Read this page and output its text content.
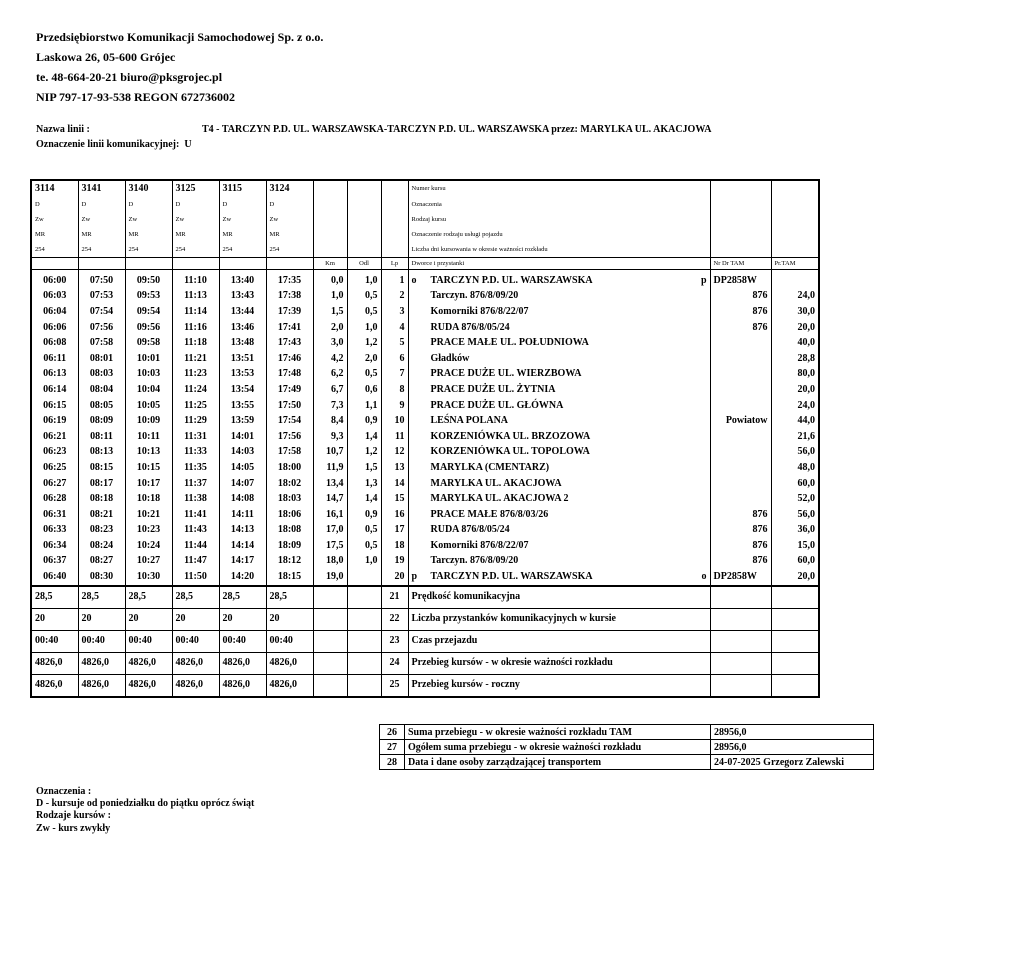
Przedsiębiorstwo Komunikacji Samochodowej Sp. z o.o.
Laskowa 26, 05-600 Grójec
te. 48-664-20-21 biuro@pksgrojec.pl
NIP 797-17-93-538 REGON 672736002
Nazwa linii :	T4 - TARCZYN P.D. UL. WARSZAWSKA-TARCZYN P.D. UL. WARSZAWSKA przez: MARYLKA UL. AKACJOWA
Oznaczenie linii komunikacyjnej: U
3114	3141	3140	3125	3115	3124				Numer kursu		
D	D	D	D	D	D				Oznaczenia		
Zw	Zw	Zw	Zw	Zw	Zw				Rodzaj kursu		
MR	MR	MR	MR	MR	MR				Oznaczenie rodzaju usługi pojazdu		
254	254	254	254	254	254				Liczba dni kursowania w okresie ważności rozkładu		
						Km	Odl	Lp	Dworce i przystanki	Nr Dr TAM	Pr.TAM

06:00	07:50	09:50	11:10	13:40	17:35	0,0	1,0	1	o TARCZYN P.D. UL. WARSZAWSKA p	DP2858W	
06:03	07:53	09:53	11:13	13:43	17:38	1,0	0,5	2	Tarczyn. 876/8/09/20	876	24,0
06:04	07:54	09:54	11:14	13:44	17:39	1,5	0,5	3	Komorniki 876/8/22/07	876	30,0
06:06	07:56	09:56	11:16	13:46	17:41	2,0	1,0	4	RUDA 876/8/05/24	876	20,0
06:08	07:58	09:58	11:18	13:48	17:43	3,0	1,2	5	PRACE MAŁE UL. POŁUDNIOWA		40,0
06:11	08:01	10:01	11:21	13:51	17:46	4,2	2,0	6	Gładków		28,8
06:13	08:03	10:03	11:23	13:53	17:48	6,2	0,5	7	PRACE DUŻE UL. WIERZBOWA		80,0
06:14	08:04	10:04	11:24	13:54	17:49	6,7	0,6	8	PRACE DUŻE UL. ŻYTNIA		20,0
06:15	08:05	10:05	11:25	13:55	17:50	7,3	1,1	9	PRACE DUŻE UL. GŁÓWNA		24,0
06:19	08:09	10:09	11:29	13:59	17:54	8,4	0,9	10	LEŚNA POLANA	Powiatow	44,0
06:21	08:11	10:11	11:31	14:01	17:56	9,3	1,4	11	KORZENIÓWKA UL. BRZOZOWA		21,6
06:23	08:13	10:13	11:33	14:03	17:58	10,7	1,2	12	KORZENIÓWKA UL. TOPOLOWA		56,0
06:25	08:15	10:15	11:35	14:05	18:00	11,9	1,5	13	MARYLKA (CMENTARZ)		48,0
06:27	08:17	10:17	11:37	14:07	18:02	13,4	1,3	14	MARYLKA UL. AKACJOWA		60,0
06:28	08:18	10:18	11:38	14:08	18:03	14,7	1,4	15	MARYLKA UL. AKACJOWA 2		52,0
06:31	08:21	10:21	11:41	14:11	18:06	16,1	0,9	16	PRACE MAŁE 876/8/03/26	876	56,0
06:33	08:23	10:23	11:43	14:13	18:08	17,0	0,5	17	RUDA 876/8/05/24	876	36,0
06:34	08:24	10:24	11:44	14:14	18:09	17,5	0,5	18	Komorniki 876/8/22/07	876	15,0
06:37	08:27	10:27	11:47	14:17	18:12	18,0	1,0	19	Tarczyn. 876/8/09/20	876	60,0
06:40	08:30	10:30	11:50	14:20	18:15	19,0		20	p TARCZYN P.D. UL. WARSZAWSKA o	DP2858W	20,0
28,5	28,5	28,5	28,5	28,5	28,5			21	Prędkość komunikacyjna		
20	20	20	20	20	20			22	Liczba przystanków komunikacyjnych w kursie		
00:40	00:40	00:40	00:40	00:40	00:40			23	Czas przejazdu		
4826,0	4826,0	4826,0	4826,0	4826,0	4826,0			24	Przebieg kursów - w okresie ważności rozkładu		
4826,0	4826,0	4826,0	4826,0	4826,0	4826,0			25	Przebieg kursów - roczny		
26	Suma przebiegu - w okresie ważności rozkładu TAM	28956,0
27	Ogółem suma przebiegu - w okresie ważności rozkładu	28956,0
28	Data i dane osoby zarządzającej transportem	24-07-2025 Grzegorz Zalewski
Oznaczenia :
D - kursuje od poniedziałku do piątku oprócz świąt
Rodzaje kursów :
Zw - kurs zwykły
